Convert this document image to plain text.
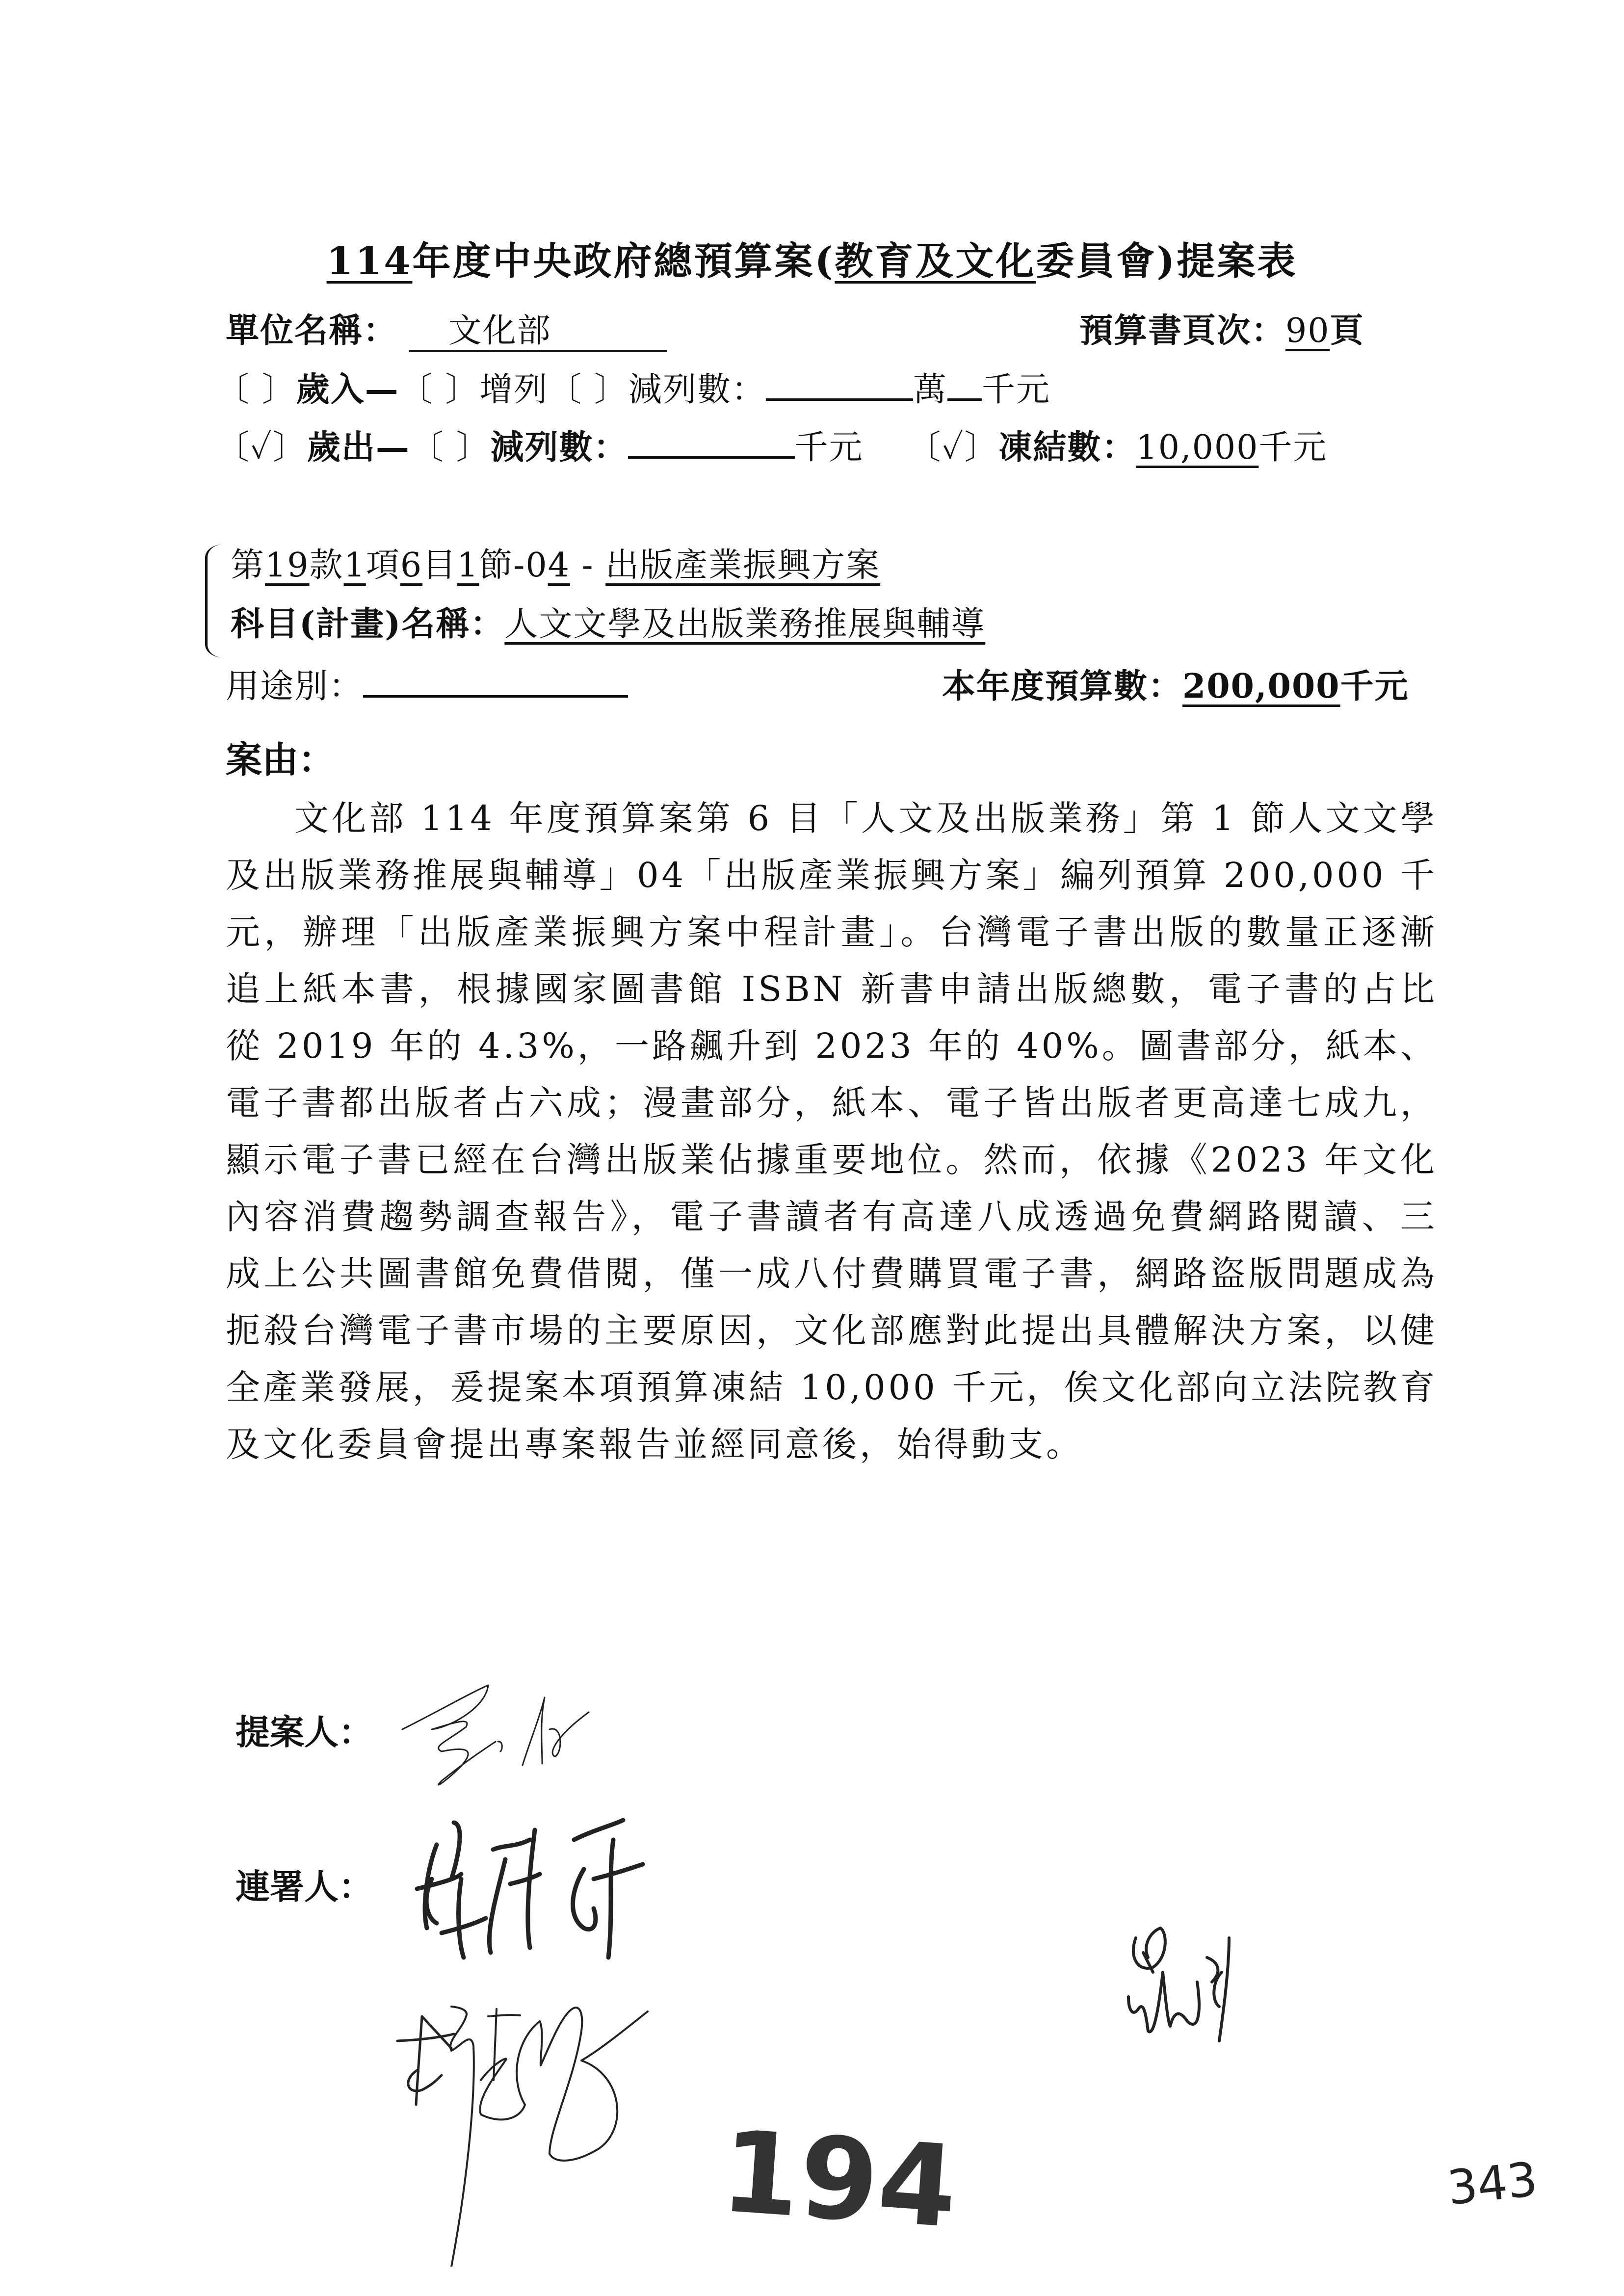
114年度中央政府總預算案(教育及文化委員會)提案表
單位名稱： 文化部	預算書頁次：90頁
〔 〕歲入—〔 〕增列〔 〕減列數：	萬 千元
〔✓〕歲出—〔 〕減列數：	千元 〔✓〕凍結數：10,000千元
第19款1項6目1節-04 - 出版產業振興方案
科目(計畫)名稱：人文文學及出版業務推展與輔導
用途別：	本年度預算數：200,000千元
案由：

文化部 114 年度預算案第 6 目「人文及出版業務」第 1 節人文文學及出版業務推展與輔導」04「出版產業振興方案」編列預算 200,000 千元，辦理「出版產業振興方案中程計畫」。台灣電子書出版的數量正逐漸追上紙本書，根據國家圖書館 ISBN 新書申請出版總數，電子書的占比從 2019 年的 4.3%，一路飆升到 2023 年的 40%。圖書部分，紙本、電子書都出版者占六成；漫畫部分，紙本、電子皆出版者更高達七成九，顯示電子書已經在台灣出版業佔據重要地位。然而，依據《2023 年文化內容消費趨勢調查報告》，電子書讀者有高達八成透過免費網路閱讀、三成上公共圖書館免費借閱，僅一成八付費購買電子書，網路盜版問題成為扼殺台灣電子書市場的主要原因，文化部應對此提出具體解決方案，以健全產業發展，爰提案本項預算凍結 10,000 千元，俟文化部向立法院教育及文化委員會提出專案報告並經同意後，始得動支。

提案人：
連署人：
194	343
